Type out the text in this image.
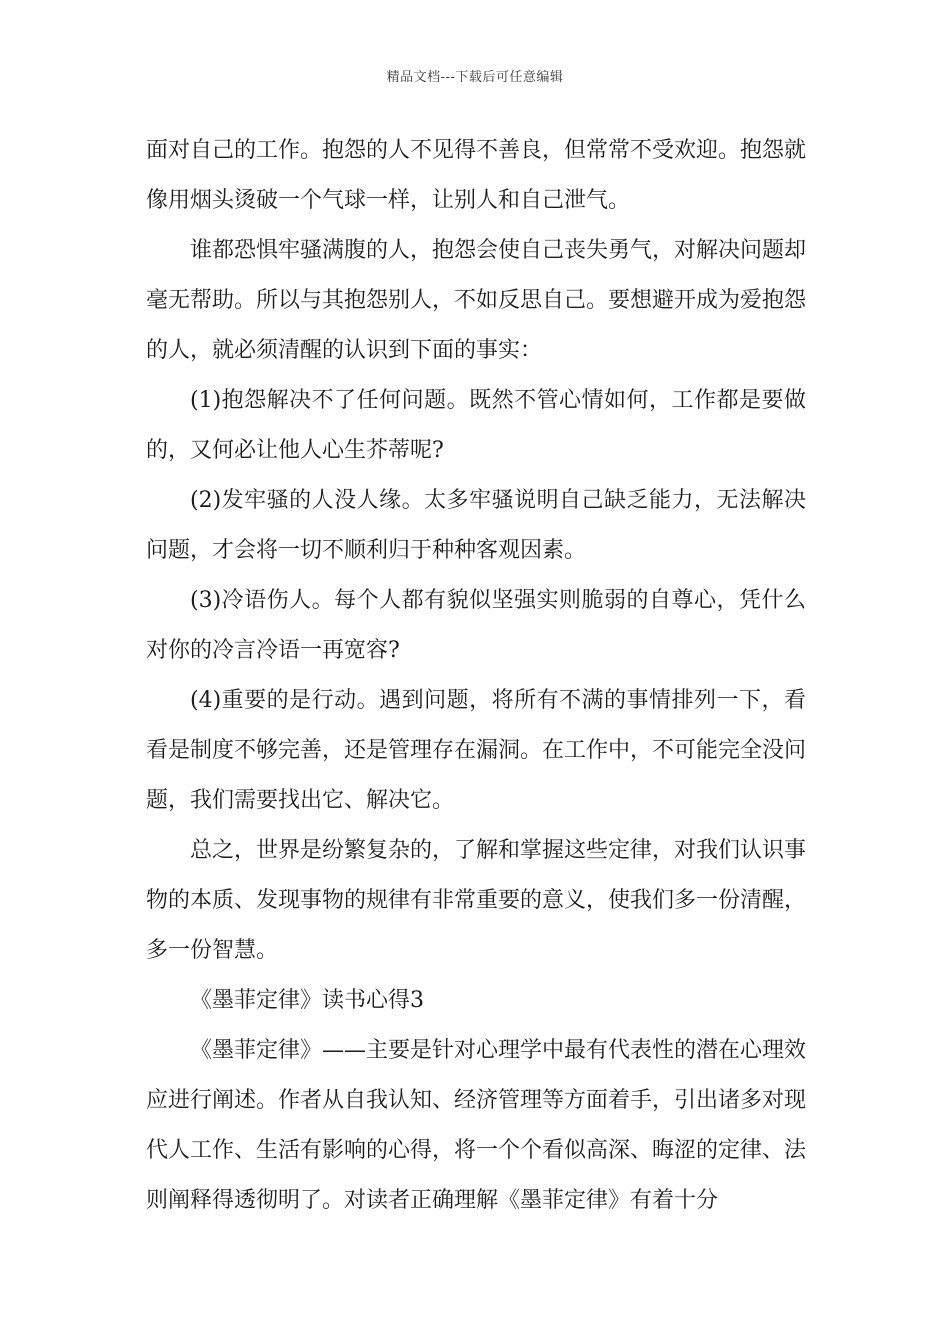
精品文档---下载后可任意编辑

面对自己的工作。抱怨的人不见得不善良，但常常不受欢迎。抱怨就像用烟头烫破一个气球一样，让别人和自己泄气。

谁都恐惧牢骚满腹的人，抱怨会使自己丧失勇气，对解决问题却毫无帮助。所以与其抱怨别人，不如反思自己。要想避开成为爱抱怨的人，就必须清醒的认识到下面的事实：

(1)抱怨解决不了任何问题。既然不管心情如何，工作都是要做的，又何必让他人心生芥蒂呢?

(2)发牢骚的人没人缘。太多牢骚说明自己缺乏能力，无法解决问题，才会将一切不顺利归于种种客观因素。

(3)冷语伤人。每个人都有貌似坚强实则脆弱的自尊心，凭什么对你的冷言冷语一再宽容?

(4)重要的是行动。遇到问题，将所有不满的事情排列一下，看看是制度不够完善，还是管理存在漏洞。在工作中，不可能完全没问题，我们需要找出它、解决它。

总之，世界是纷繁复杂的，了解和掌握这些定律，对我们认识事物的本质、发现事物的规律有非常重要的意义，使我们多一份清醒，多一份智慧。

《墨菲定律》读书心得3

《墨菲定律》——主要是针对心理学中最有代表性的潜在心理效应进行阐述。作者从自我认知、经济管理等方面着手，引出诸多对现代人工作、生活有影响的心得，将一个个看似高深、晦涩的定律、法则阐释得透彻明了。对读者正确理解《墨菲定律》有着十分
